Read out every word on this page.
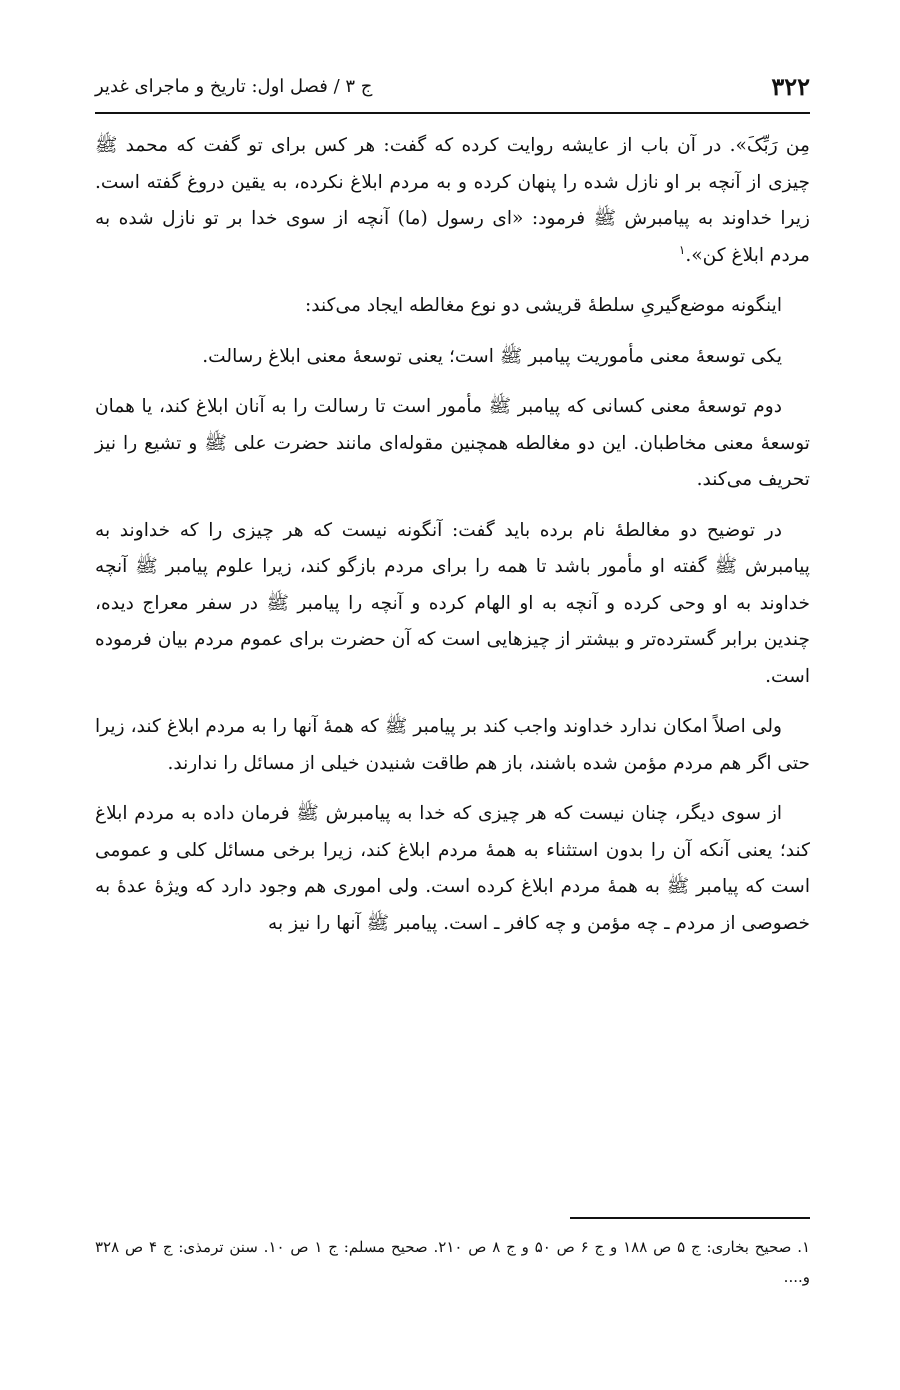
۳۲۲
ج ۳ / فصل اول: تاریخ و ماجرای غدیر

مِن رَبِّکَ». در آن باب از عایشه روایت کرده که گفت: هر کس برای تو گفت که محمد ﷺ چیزی از آنچه بر او نازل شده را پنهان کرده و به مردم ابلاغ نکرده، به یقین دروغ گفته است. زیرا خداوند به پیامبرش ﷺ فرمود: «ای رسول (ما) آنچه از سوی خدا بر تو نازل شده به مردم ابلاغ کن».$^۱$

اینگونه موضع‌گیریِ سلطهٔ قریشی دو نوع مغالطه ایجاد می‌کند:

یکی توسعهٔ معنی مأموریت پیامبر ﷺ است؛ یعنی توسعهٔ معنی ابلاغ رسالت.

دوم توسعهٔ معنی کسانی که پیامبر ﷺ مأمور است تا رسالت را به آنان ابلاغ کند، یا همان توسعهٔ معنی مخاطبان. این دو مغالطه همچنین مقوله‌ای مانند حضرت علی ﷺ و تشیع را نیز تحریف می‌کند.

در توضیح دو مغالطهٔ نام برده باید گفت: آنگونه نیست که هر چیزی را که خداوند به پیامبرش ﷺ گفته او مأمور باشد تا همه را برای مردم بازگو کند، زیرا علوم پیامبر ﷺ آنچه خداوند به او وحی کرده و آنچه به او الهام کرده و آنچه را پیامبر ﷺ در سفر معراج دیده، چندین برابر گسترده‌تر و بیشتر از چیزهایی است که آن حضرت برای عموم مردم بیان فرموده است.

ولی اصلاً امکان ندارد خداوند واجب کند بر پیامبر ﷺ که همهٔ آنها را به مردم ابلاغ کند، زیرا حتی اگر هم مردم مؤمن شده باشند، باز هم طاقت شنیدن خیلی از مسائل را ندارند.

از سوی دیگر، چنان نیست که هر چیزی که خدا به پیامبرش ﷺ فرمان داده به مردم ابلاغ کند؛ یعنی آنکه آن را بدون استثناء به همهٔ مردم ابلاغ کند، زیرا برخی مسائل کلی و عمومی است که پیامبر ﷺ به همهٔ مردم ابلاغ کرده است. ولی اموری هم وجود دارد که ویژهٔ عدهٔ به خصوصی از مردم ـ چه مؤمن و چه کافر ـ است. پیامبر ﷺ آنها را نیز به

۱. صحیح بخاری: ج ۵ ص ۱۸۸ و ج ۶ ص ۵۰ و ج ۸ ص ۲۱۰. صحیح مسلم: ج ۱ ص ۱۰. سنن ترمذی: ج ۴ ص ۳۲۸ و....
